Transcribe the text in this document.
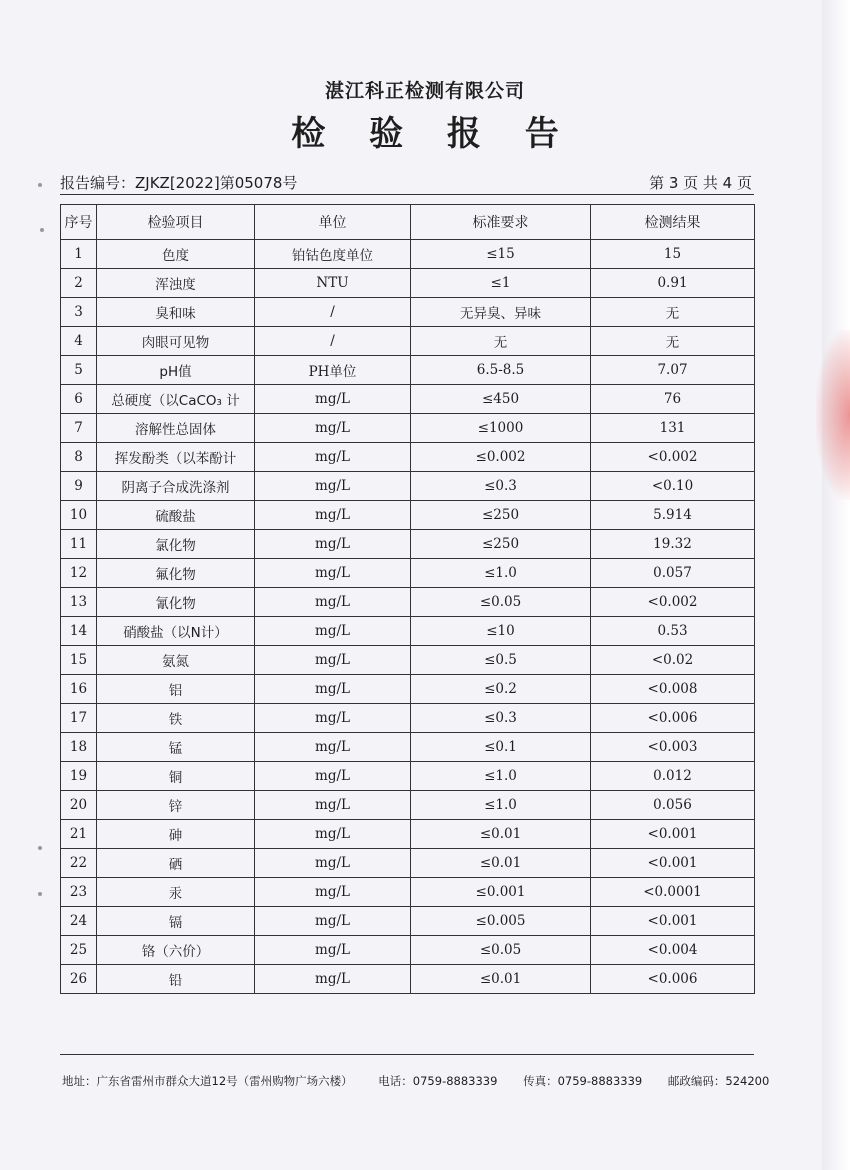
湛江科正检测有限公司
检 验 报 告
报告编号：ZJKZ[2022]第05078号	第 3 页 共 4 页
序号	检验项目	单位	标准要求	检测结果
1	色度	铂钴色度单位	≤15	15
2	浑浊度	NTU	≤1	0.91
3	臭和味	/	无异臭、异味	无
4	肉眼可见物	/	无	无
5	pH值	PH单位	6.5-8.5	7.07
6	总硬度（以CaCO₃ 计	mg/L	≤450	76
7	溶解性总固体	mg/L	≤1000	131
8	挥发酚类（以苯酚计	mg/L	≤0.002	<0.002
9	阴离子合成洗涤剂	mg/L	≤0.3	<0.10
10	硫酸盐	mg/L	≤250	5.914
11	氯化物	mg/L	≤250	19.32
12	氟化物	mg/L	≤1.0	0.057
13	氰化物	mg/L	≤0.05	<0.002
14	硝酸盐（以N计）	mg/L	≤10	0.53
15	氨氮	mg/L	≤0.5	<0.02
16	铝	mg/L	≤0.2	<0.008
17	铁	mg/L	≤0.3	<0.006
18	锰	mg/L	≤0.1	<0.003
19	铜	mg/L	≤1.0	0.012
20	锌	mg/L	≤1.0	0.056
21	砷	mg/L	≤0.01	<0.001
22	硒	mg/L	≤0.01	<0.001
23	汞	mg/L	≤0.001	<0.0001
24	镉	mg/L	≤0.005	<0.001
25	铬（六价）	mg/L	≤0.05	<0.004
26	铅	mg/L	≤0.01	<0.006
地址：广东省雷州市群众大道12号（雷州购物广场六楼） 电话：0759-8883339 传真：0759-8883339 邮政编码：524200
